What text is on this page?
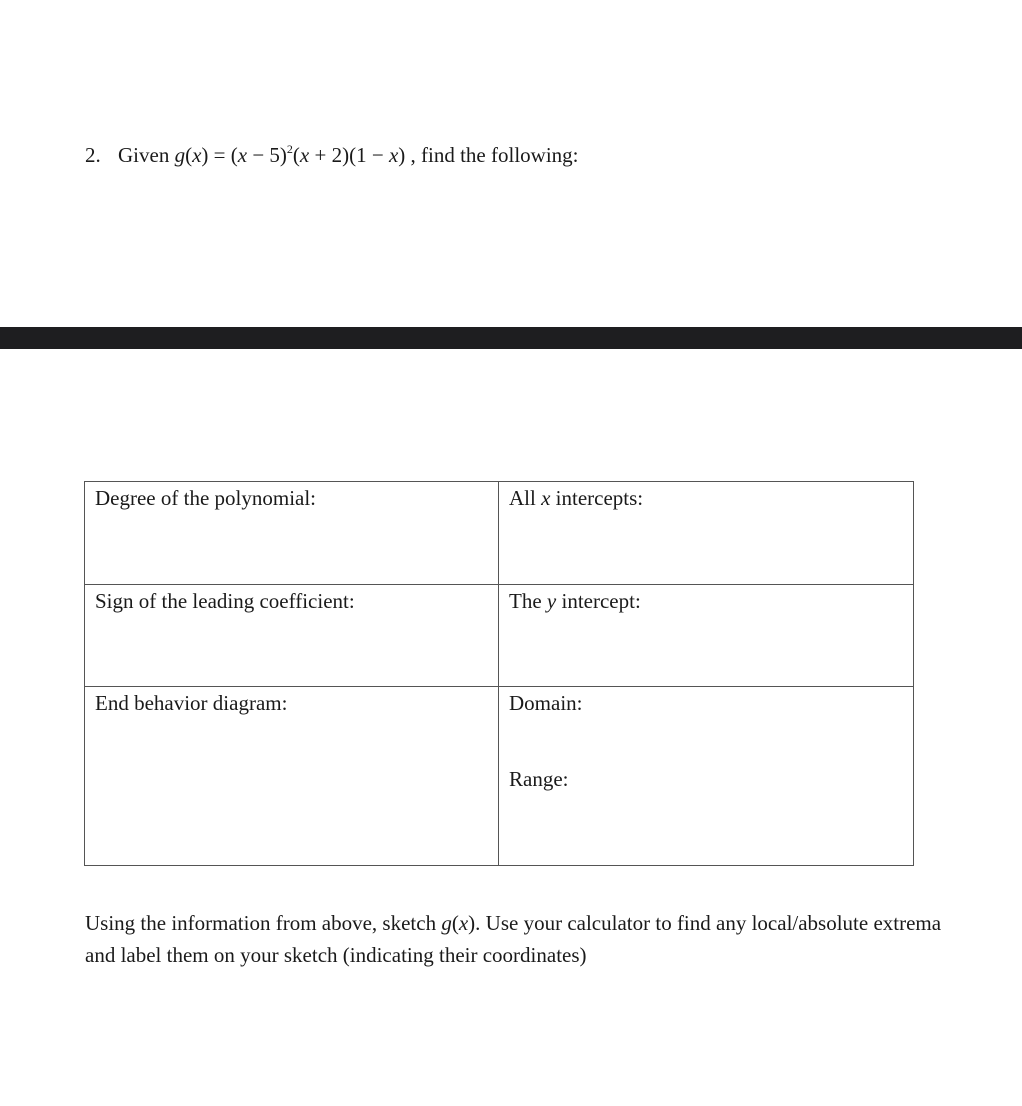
2. Given $g(x) = (x - 5)^2(x + 2)(1 - x)$ , find the following:
Degree of the polynomial:	All x intercepts:

Sign of the leading coefficient:	The y intercept:

End behavior diagram:	Domain:
Range:
Using the information from above, sketch g(x). Use your calculator to find any local/absolute extrema and label them on your sketch (indicating their coordinates)
